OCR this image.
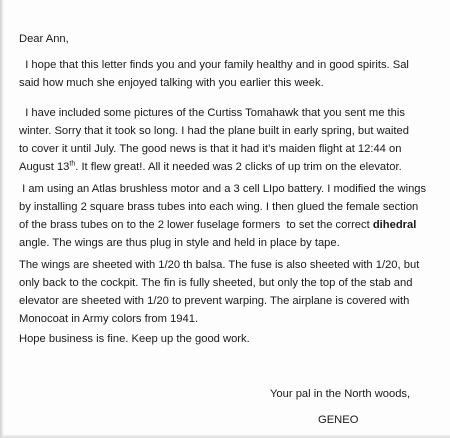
Dear Ann,
I hope that this letter finds you and your family healthy and in good spirits. Sal
said how much she enjoyed talking with you earlier this week.
I have included some pictures of the Curtiss Tomahawk that you sent me this
winter. Sorry that it took so long. I had the plane built in early spring, but waited
to cover it until July. The good news is that it had it’s maiden flight at 12:44 on
August 13th. It flew great!. All it needed was 2 clicks of up trim on the elevator.
I am using an Atlas brushless motor and a 3 cell LIpo battery. I modified the wings
by installing 2 square brass tubes into each wing. I then glued the female section
of the brass tubes on to the 2 lower fuselage formers  to set the correct dihedral
angle. The wings are thus plug in style and held in place by tape.
The wings are sheeted with 1/20 th balsa. The fuse is also sheeted with 1/20, but
only back to the cockpit. The fin is fully sheeted, but only the top of the stab and
elevator are sheeted with 1/20 to prevent warping. The airplane is covered with
Monocoat in Army colors from 1941.
Hope business is fine. Keep up the good work.
Your pal in the North woods,
GENEO
